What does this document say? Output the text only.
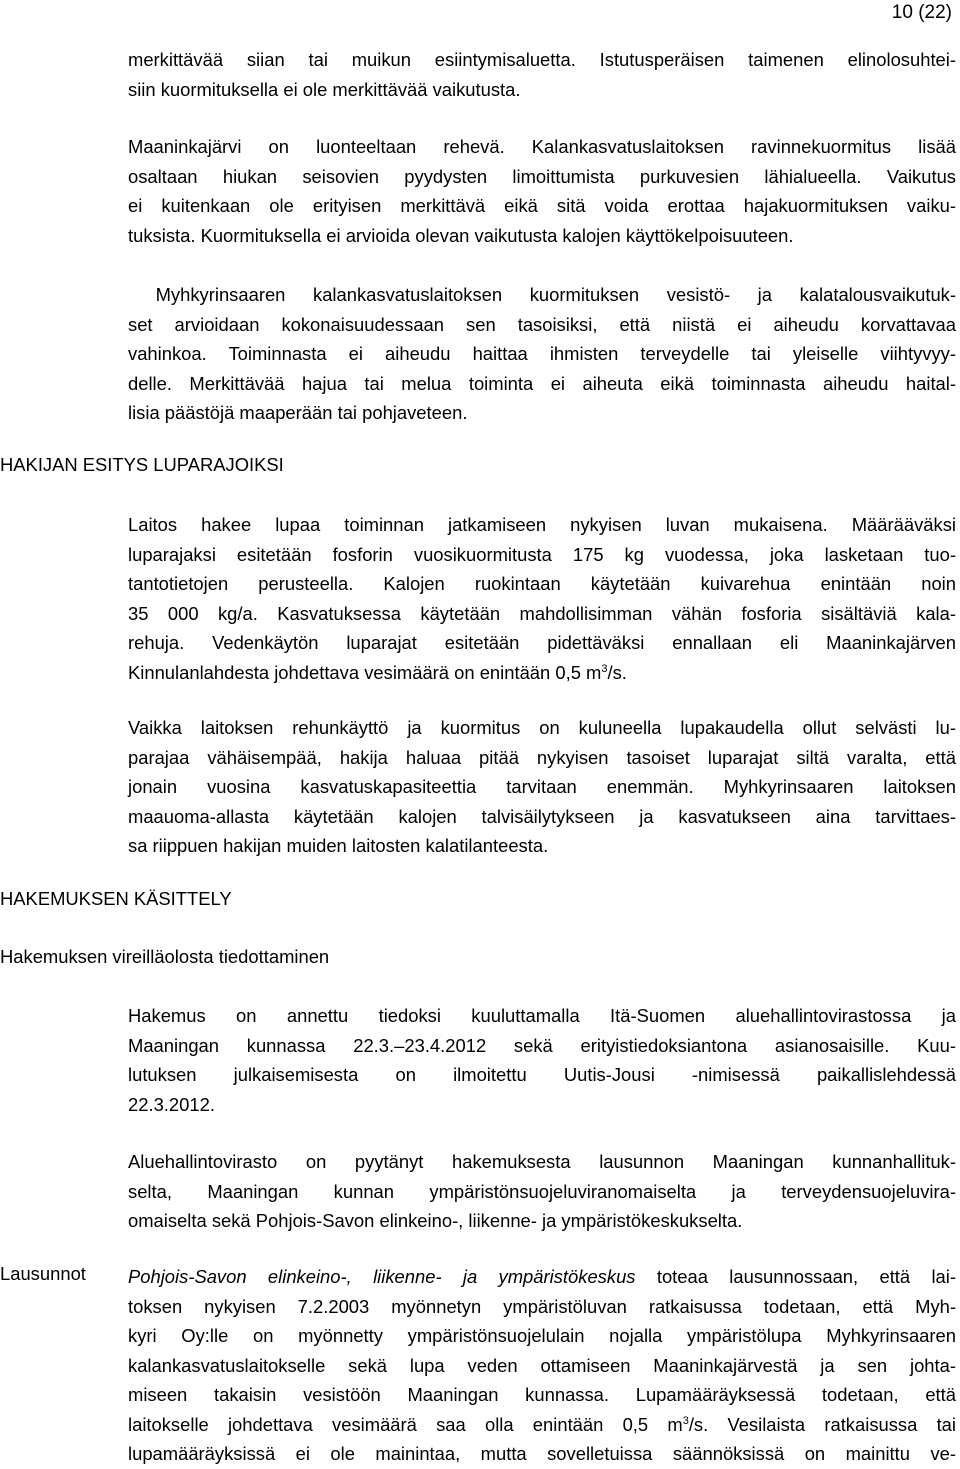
10 (22)
merkittävää siian tai muikun esiintymisaluetta. Istutusperäisen taimenen elinolosuhtei-
siin kuormituksella ei ole merkittävää vaikutusta.
Maaninkajärvi on luonteeltaan rehevä. Kalankasvatuslaitoksen ravinnekuormitus lisää
osaltaan hiukan seisovien pyydysten limoittumista purkuvesien lähialueella. Vaikutus
ei kuitenkaan ole erityisen merkittävä eikä sitä voida erottaa hajakuormituksen vaiku-
tuksista. Kuormituksella ei arvioida olevan vaikutusta kalojen käyttökelpoisuuteen.
Myhkyrinsaaren kalankasvatuslaitoksen kuormituksen vesistö- ja kalatalousvaikutuk-
set arvioidaan kokonaisuudessaan sen tasoisiksi, että niistä ei aiheudu korvattavaa
vahinkoa. Toiminnasta ei aiheudu haittaa ihmisten terveydelle tai yleiselle viihtyvyy-
delle. Merkittävää hajua tai melua toiminta ei aiheuta eikä toiminnasta aiheudu haital-
lisia päästöjä maaperään tai pohjaveteen.
HAKIJAN ESITYS LUPARAJOIKSI
Laitos hakee lupaa toiminnan jatkamiseen nykyisen luvan mukaisena. Määrääväksi
luparajaksi esitetään fosforin vuosikuormitusta 175 kg vuodessa, joka lasketaan tuo-
tantotietojen perusteella. Kalojen ruokintaan käytetään kuivarehua enintään noin
35 000 kg/a. Kasvatuksessa käytetään mahdollisimman vähän fosforia sisältäviä kala-
rehuja. Vedenkäytön luparajat esitetään pidettäväksi ennallaan eli Maaninkajärven
Kinnulanlahdesta johdettava vesimäärä on enintään 0,5 $m^3/s$.
Vaikka laitoksen rehunkäyttö ja kuormitus on kuluneella lupakaudella ollut selvästi lu-
parajaa vähäisempää, hakija haluaa pitää nykyisen tasoiset luparajat siltä varalta, että
jonain vuosina kasvatuskapasiteettia tarvitaan enemmän. Myhkyrinsaaren laitoksen
maauoma-allasta käytetään kalojen talvisäilytykseen ja kasvatukseen aina tarvittaes-
sa riippuen hakijan muiden laitosten kalatilanteesta.
HAKEMUKSEN KÄSITTELY
Hakemuksen vireilläolosta tiedottaminen
Hakemus on annettu tiedoksi kuuluttamalla Itä-Suomen aluehallintovirastossa ja
Maaningan kunnassa 22.3.–23.4.2012 sekä erityistiedoksiantona asianosaisille. Kuu-
lutuksen julkaisemisesta on ilmoitettu Uutis-Jousi -nimisessä paikallislehdessä
22.3.2012.
Aluehallintovirasto on pyytänyt hakemuksesta lausunnon Maaningan kunnanhallituk-
selta, Maaningan kunnan ympäristönsuojeluviranomaiselta ja terveydensuojeluvira-
omaiselta sekä Pohjois-Savon elinkeino-, liikenne- ja ympäristökeskukselta.
Lausunnot Pohjois-Savon elinkeino-, liikenne- ja ympäristökeskus toteaa lausunnossaan, että lai-
toksen nykyisen 7.2.2003 myönnetyn ympäristöluvan ratkaisussa todetaan, että Myh-
kyri Oy:lle on myönnetty ympäristönsuojelulain nojalla ympäristölupa Myhkyrinsaaren
kalankasvatuslaitokselle sekä lupa veden ottamiseen Maaninkajärvestä ja sen johta-
miseen takaisin vesistöön Maaningan kunnassa. Lupamääräyksessä todetaan, että
laitokselle johdettava vesimäärä saa olla enintään 0,5 $m^3/s$. Vesilaista ratkaisussa tai
lupamääräyksissä ei ole mainintaa, mutta sovelletuissa säännöksissä on mainittu ve-
